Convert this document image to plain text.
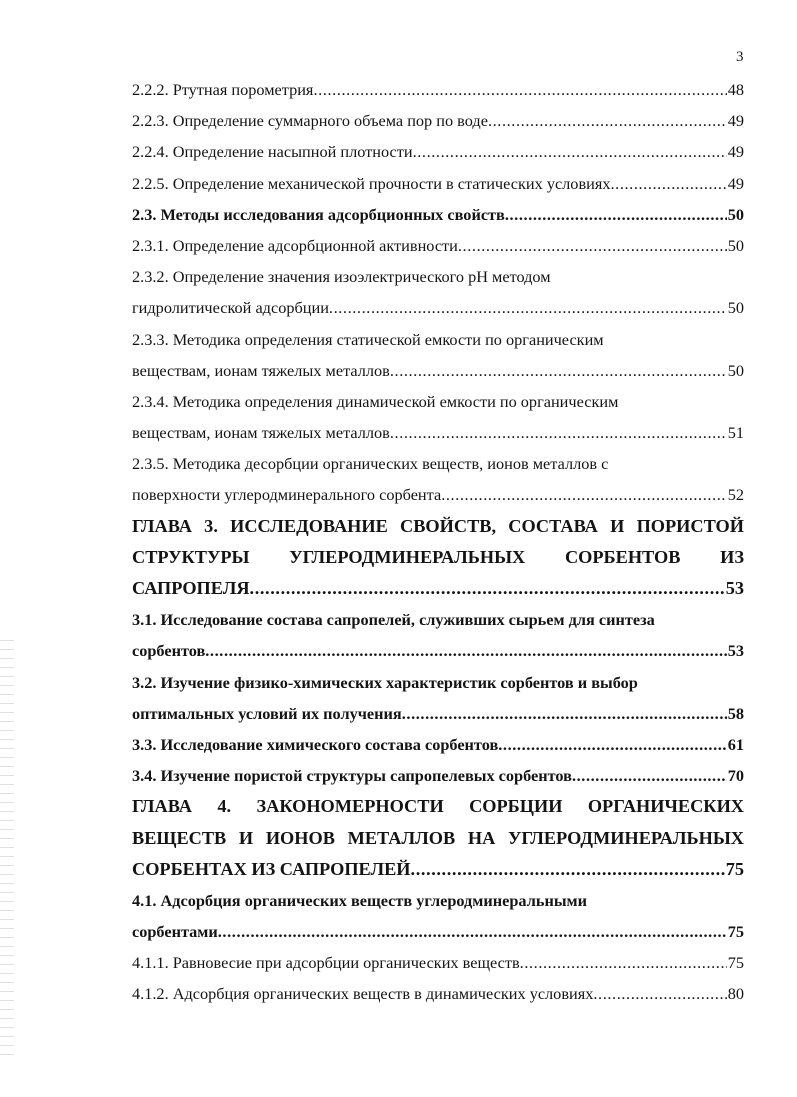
3
2.2.2. Ртутная порометрия .....	48
2.2.3. Определение суммарного объема пор по воде .....	49
2.2.4. Определение насыпной плотности .....	49
2.2.5. Определение механической прочности в статических условиях .....	49
2.3. Методы исследования адсорбционных свойств .....	50
2.3.1. Определение адсорбционной активности .....	50
2.3.2. Определение значения изоэлектрического рН методом
гидролитической адсорбции .....	50
2.3.3. Методика определения статической емкости по органическим
веществам, ионам тяжелых металлов .....	50
2.3.4. Методика определения динамической емкости по органическим
веществам, ионам тяжелых металлов .....	51
2.3.5. Методика десорбции органических веществ, ионов металлов с
поверхности углеродминерального сорбента .....	52
ГЛАВА 3. ИССЛЕДОВАНИЕ СВОЙСТВ, СОСТАВА И ПОРИСТОЙ
СТРУКТУРЫ УГЛЕРОДМИНЕРАЛЬНЫХ СОРБЕНТОВ ИЗ
САПРОПЕЛЯ .....	53
3.1. Исследование состава сапропелей, служивших сырьем для синтеза
сорбентов .....	53
3.2. Изучение физико-химических характеристик сорбентов и выбор
оптимальных условий их получения .....	58
3.3. Исследование химического состава сорбентов .....	61
3.4. Изучение пористой структуры сапропелевых сорбентов .....	70
ГЛАВА 4. ЗАКОНОМЕРНОСТИ СОРБЦИИ ОРГАНИЧЕСКИХ
ВЕЩЕСТВ И ИОНОВ МЕТАЛЛОВ НА УГЛЕРОДМИНЕРАЛЬНЫХ
СОРБЕНТАХ ИЗ САПРОПЕЛЕЙ .....	75
4.1. Адсорбция органических веществ углеродминеральными
сорбентами .....	75
4.1.1. Равновесие при адсорбции органических веществ .....	75
4.1.2. Адсорбция органических веществ в динамических условиях .....	80
